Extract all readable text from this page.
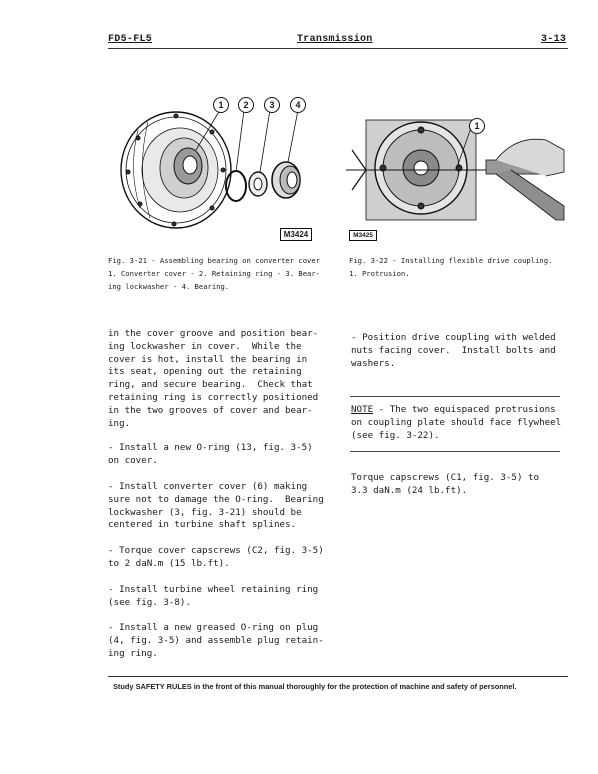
FD5-FL5	Transmission	3-13
1	2	3	4
M3424
1
M3425
Fig. 3-21 - Assembling bearing on converter cover
1. Converter cover - 2. Retaining ring - 3. Bear-
ing lockwasher - 4. Bearing.
Fig. 3-22 - Installing flexible drive coupling.
1. Protrusion.

in the cover groove and position bear-
ing lockwasher in cover.  While the
cover is hot, install the bearing in
its seat, opening out the retaining
ring, and secure bearing.  Check that
retaining ring is correctly positioned
in the two grooves of cover and bear-
ing.

- Install a new O-ring (13, fig. 3-5)
on cover.

- Install converter cover (6) making
sure not to damage the O-ring.  Bearing
lockwasher (3, fig. 3-21) should be
centered in turbine shaft splines.

- Torque cover capscrews (C2, fig. 3-5)
to 2 daN.m (15 lb.ft).

- Install turbine wheel retaining ring
(see fig. 3-8).

- Install a new greased O-ring on plug
(4, fig. 3-5) and assemble plug retain-
ing ring.

- Position drive coupling with welded
nuts facing cover.  Install bolts and
washers.

NOTE - The two equispaced protrusions
on coupling plate should face flywheel
(see fig. 3-22).

Torque capscrews (C1, fig. 3-5) to
3.3 daN.m (24 lb.ft).

Study SAFETY RULES in the front of this manual thoroughly for the protection of machine and safety of personnel.
